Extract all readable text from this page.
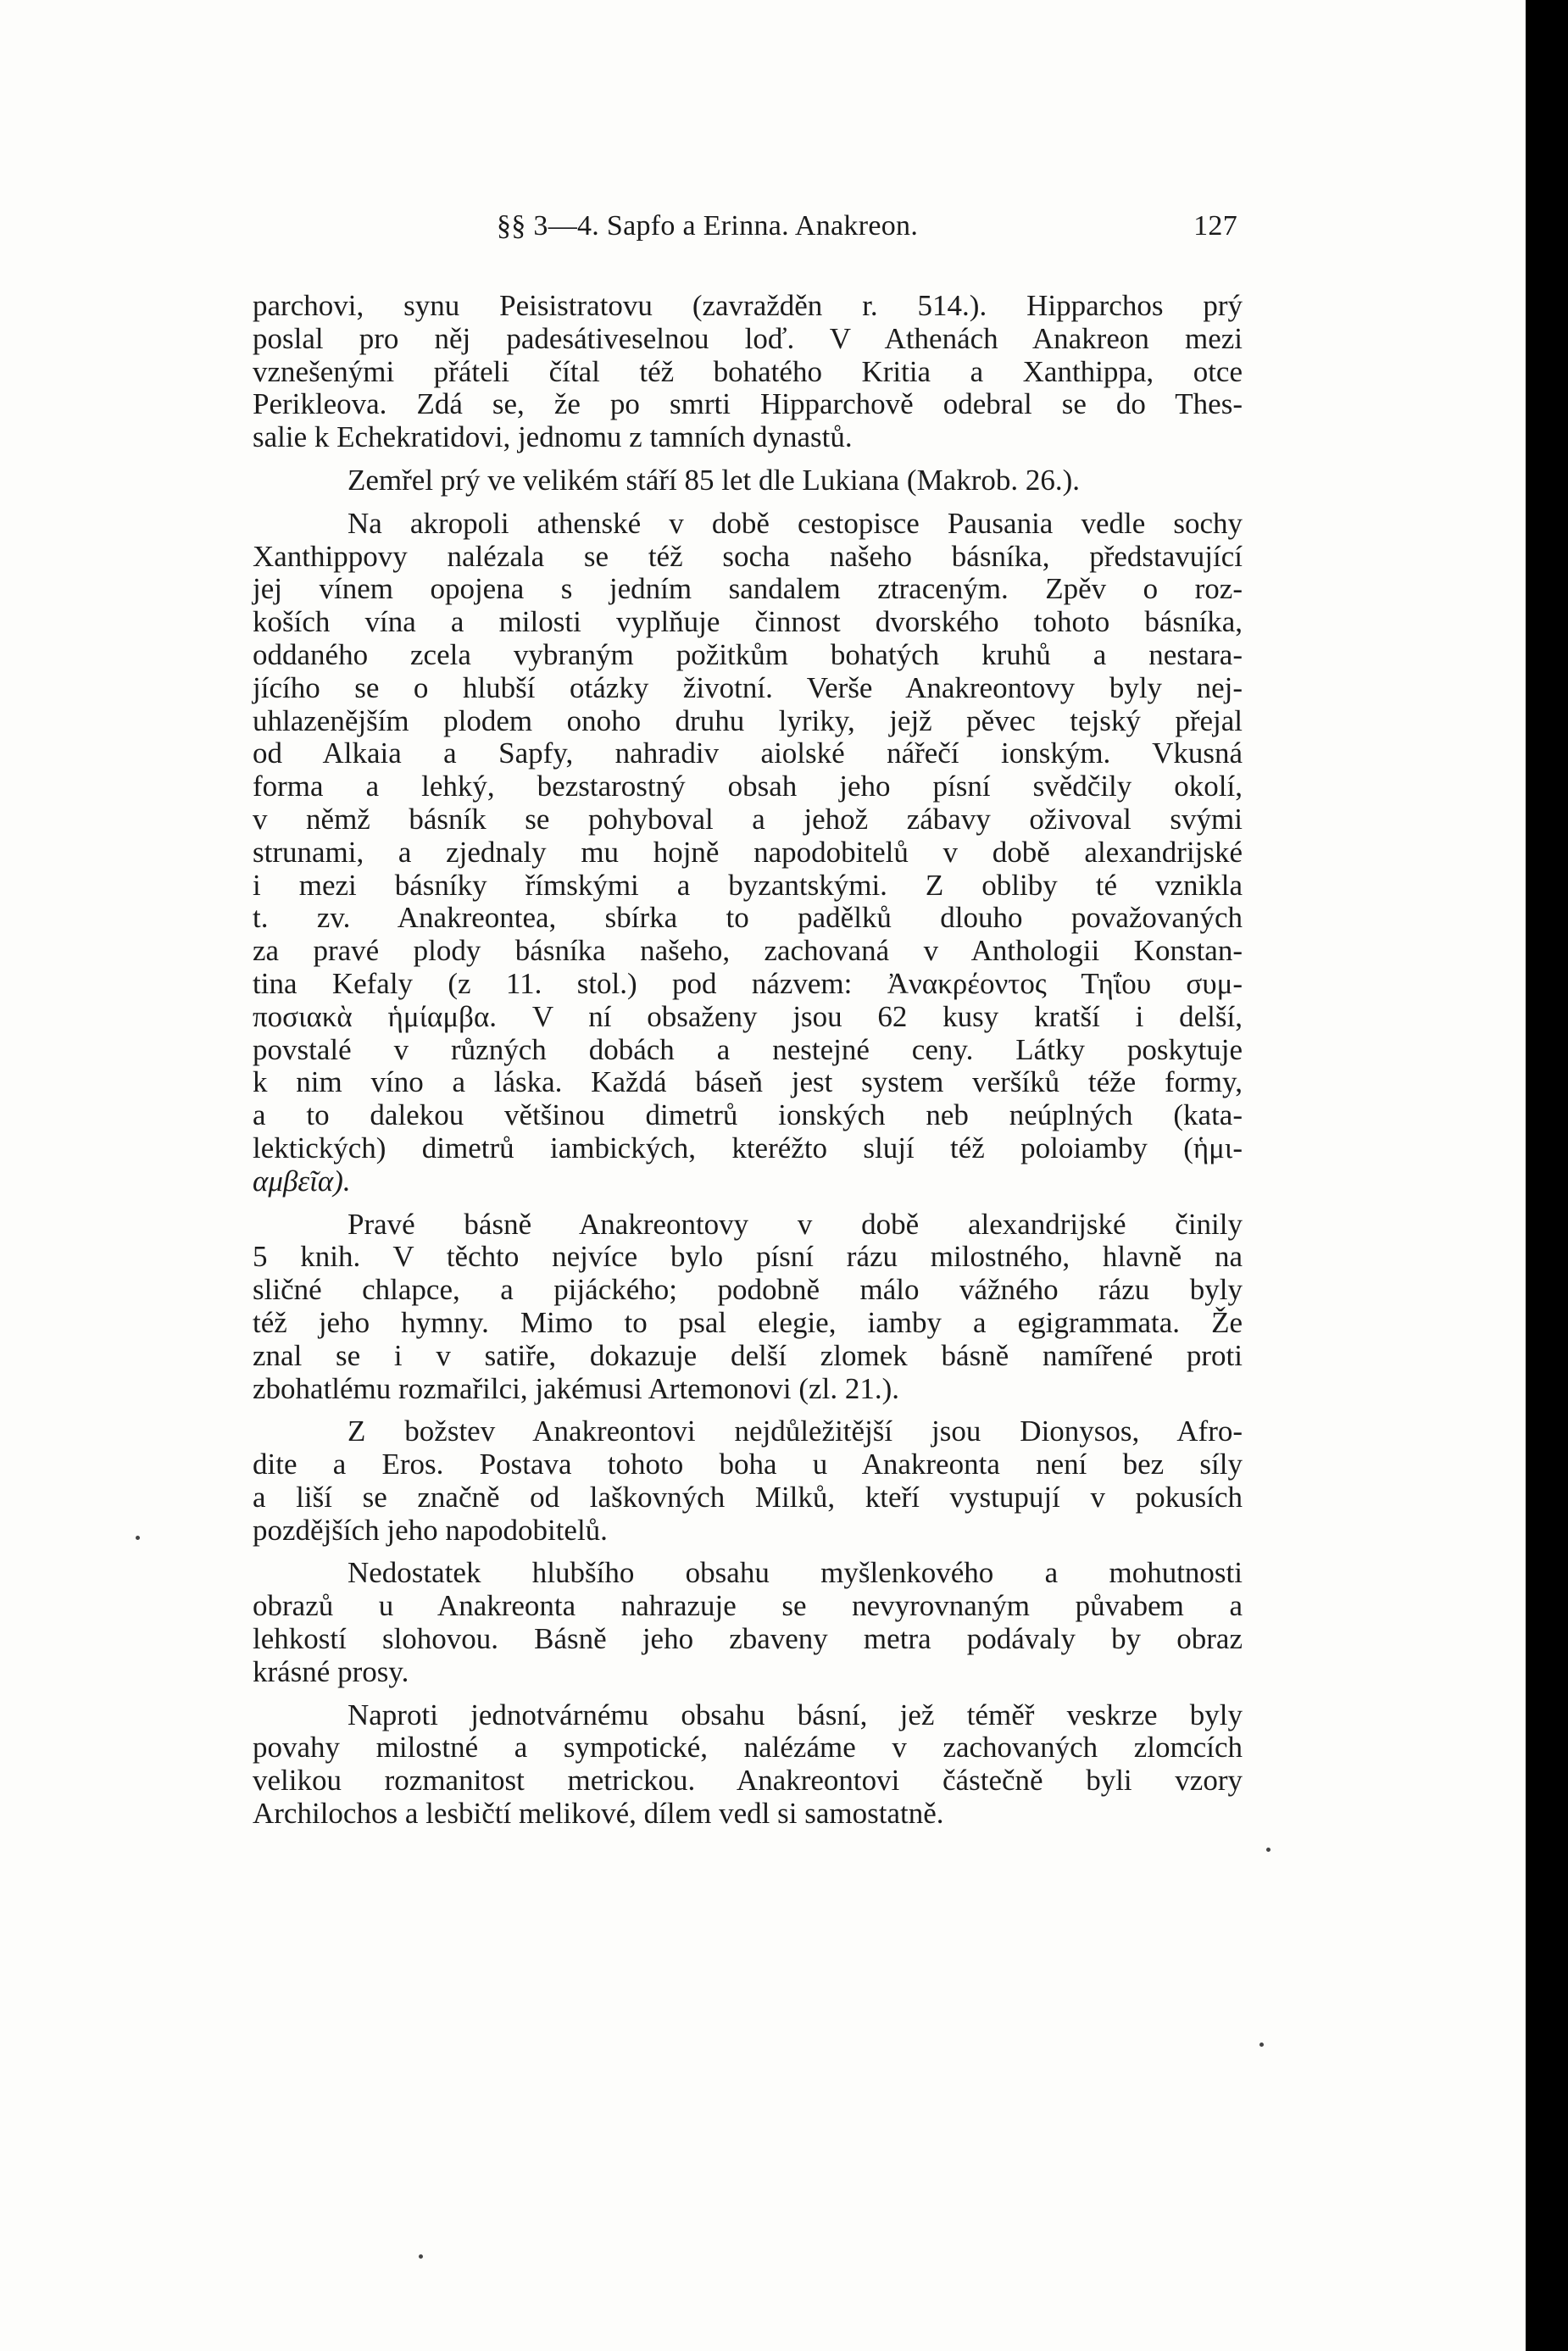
§§ 3—4. Sapfo a Erinna. Anakreon.	127
parchovi, synu Peisistratovu (zavražděn r. 514.). Hipparchos prý
poslal pro něj padesátiveselnou loď. V Athenách Anakreon mezi
vznešenými přáteli čítal též bohatého Kritia a Xanthippa, otce
Perikleova. Zdá se, že po smrti Hipparchově odebral se do Thes-
salie k Echekratidovi, jednomu z tamních dynastů.
Zemřel prý ve velikém stáří 85 let dle Lukiana (Makrob. 26.).
Na akropoli athenské v době cestopisce Pausania vedle sochy
Xanthippovy nalézala se též socha našeho básníka, představující
jej vínem opojena s jedním sandalem ztraceným. Zpěv o roz-
koších vína a milosti vyplňuje činnost dvorského tohoto básníka,
oddaného zcela vybraným požitkům bohatých kruhů a nestara-
jícího se o hlubší otázky životní. Verše Anakreontovy byly nej-
uhlazenějším plodem onoho druhu lyriky, jejž pěvec tejský přejal
od Alkaia a Sapfy, nahradiv aiolské nářečí ionským. Vkusná
forma a lehký, bezstarostný obsah jeho písní svědčily okolí,
v němž básník se pohyboval a jehož zábavy oživoval svými
strunami, a zjednaly mu hojně napodobitelů v době alexandrijské
i mezi básníky římskými a byzantskými. Z obliby té vznikla
t. zv. Anakreontea, sbírka to padělků dlouho považovaných
za pravé plody básníka našeho, zachovaná v Anthologii Konstan-
tina Kefaly (z 11. stol.) pod názvem: Ἀνακρέοντος Τηΐου συμ-
ποσιακὰ ἡμίαμβα. V ní obsaženy jsou 62 kusy kratší i delší,
povstalé v různých dobách a nestejné ceny. Látky poskytuje
k nim víno a láska. Každá báseň jest system veršíků téže formy,
a to dalekou většinou dimetrů ionských neb neúplných (kata-
lektických) dimetrů iambických, kteréžto slují též poloiamby (ἡμι-
αμβεῖα).
Pravé básně Anakreontovy v době alexandrijské činily
5 knih. V těchto nejvíce bylo písní rázu milostného, hlavně na
sličné chlapce, a pijáckého; podobně málo vážného rázu byly
též jeho hymny. Mimo to psal elegie, iamby a egigrammata. Že
znal se i v satiře, dokazuje delší zlomek básně namířené proti
zbohatlému rozmařilci, jakémusi Artemonovi (zl. 21.).
Z božstev Anakreontovi nejdůležitější jsou Dionysos, Afro-
dite a Eros. Postava tohoto boha u Anakreonta není bez síly
a liší se značně od laškovných Milků, kteří vystupují v pokusích
pozdějších jeho napodobitelů.
Nedostatek hlubšího obsahu myšlenkového a mohutnosti
obrazů u Anakreonta nahrazuje se nevyrovnaným půvabem a
lehkostí slohovou. Básně jeho zbaveny metra podávaly by obraz
krásné prosy.
Naproti jednotvárnému obsahu básní, jež téměř veskrze byly
povahy milostné a sympotické, nalézáme v zachovaných zlomcích
velikou rozmanitost metrickou. Anakreontovi částečně byli vzory
Archilochos a lesbičtí melikové, dílem vedl si samostatně.
